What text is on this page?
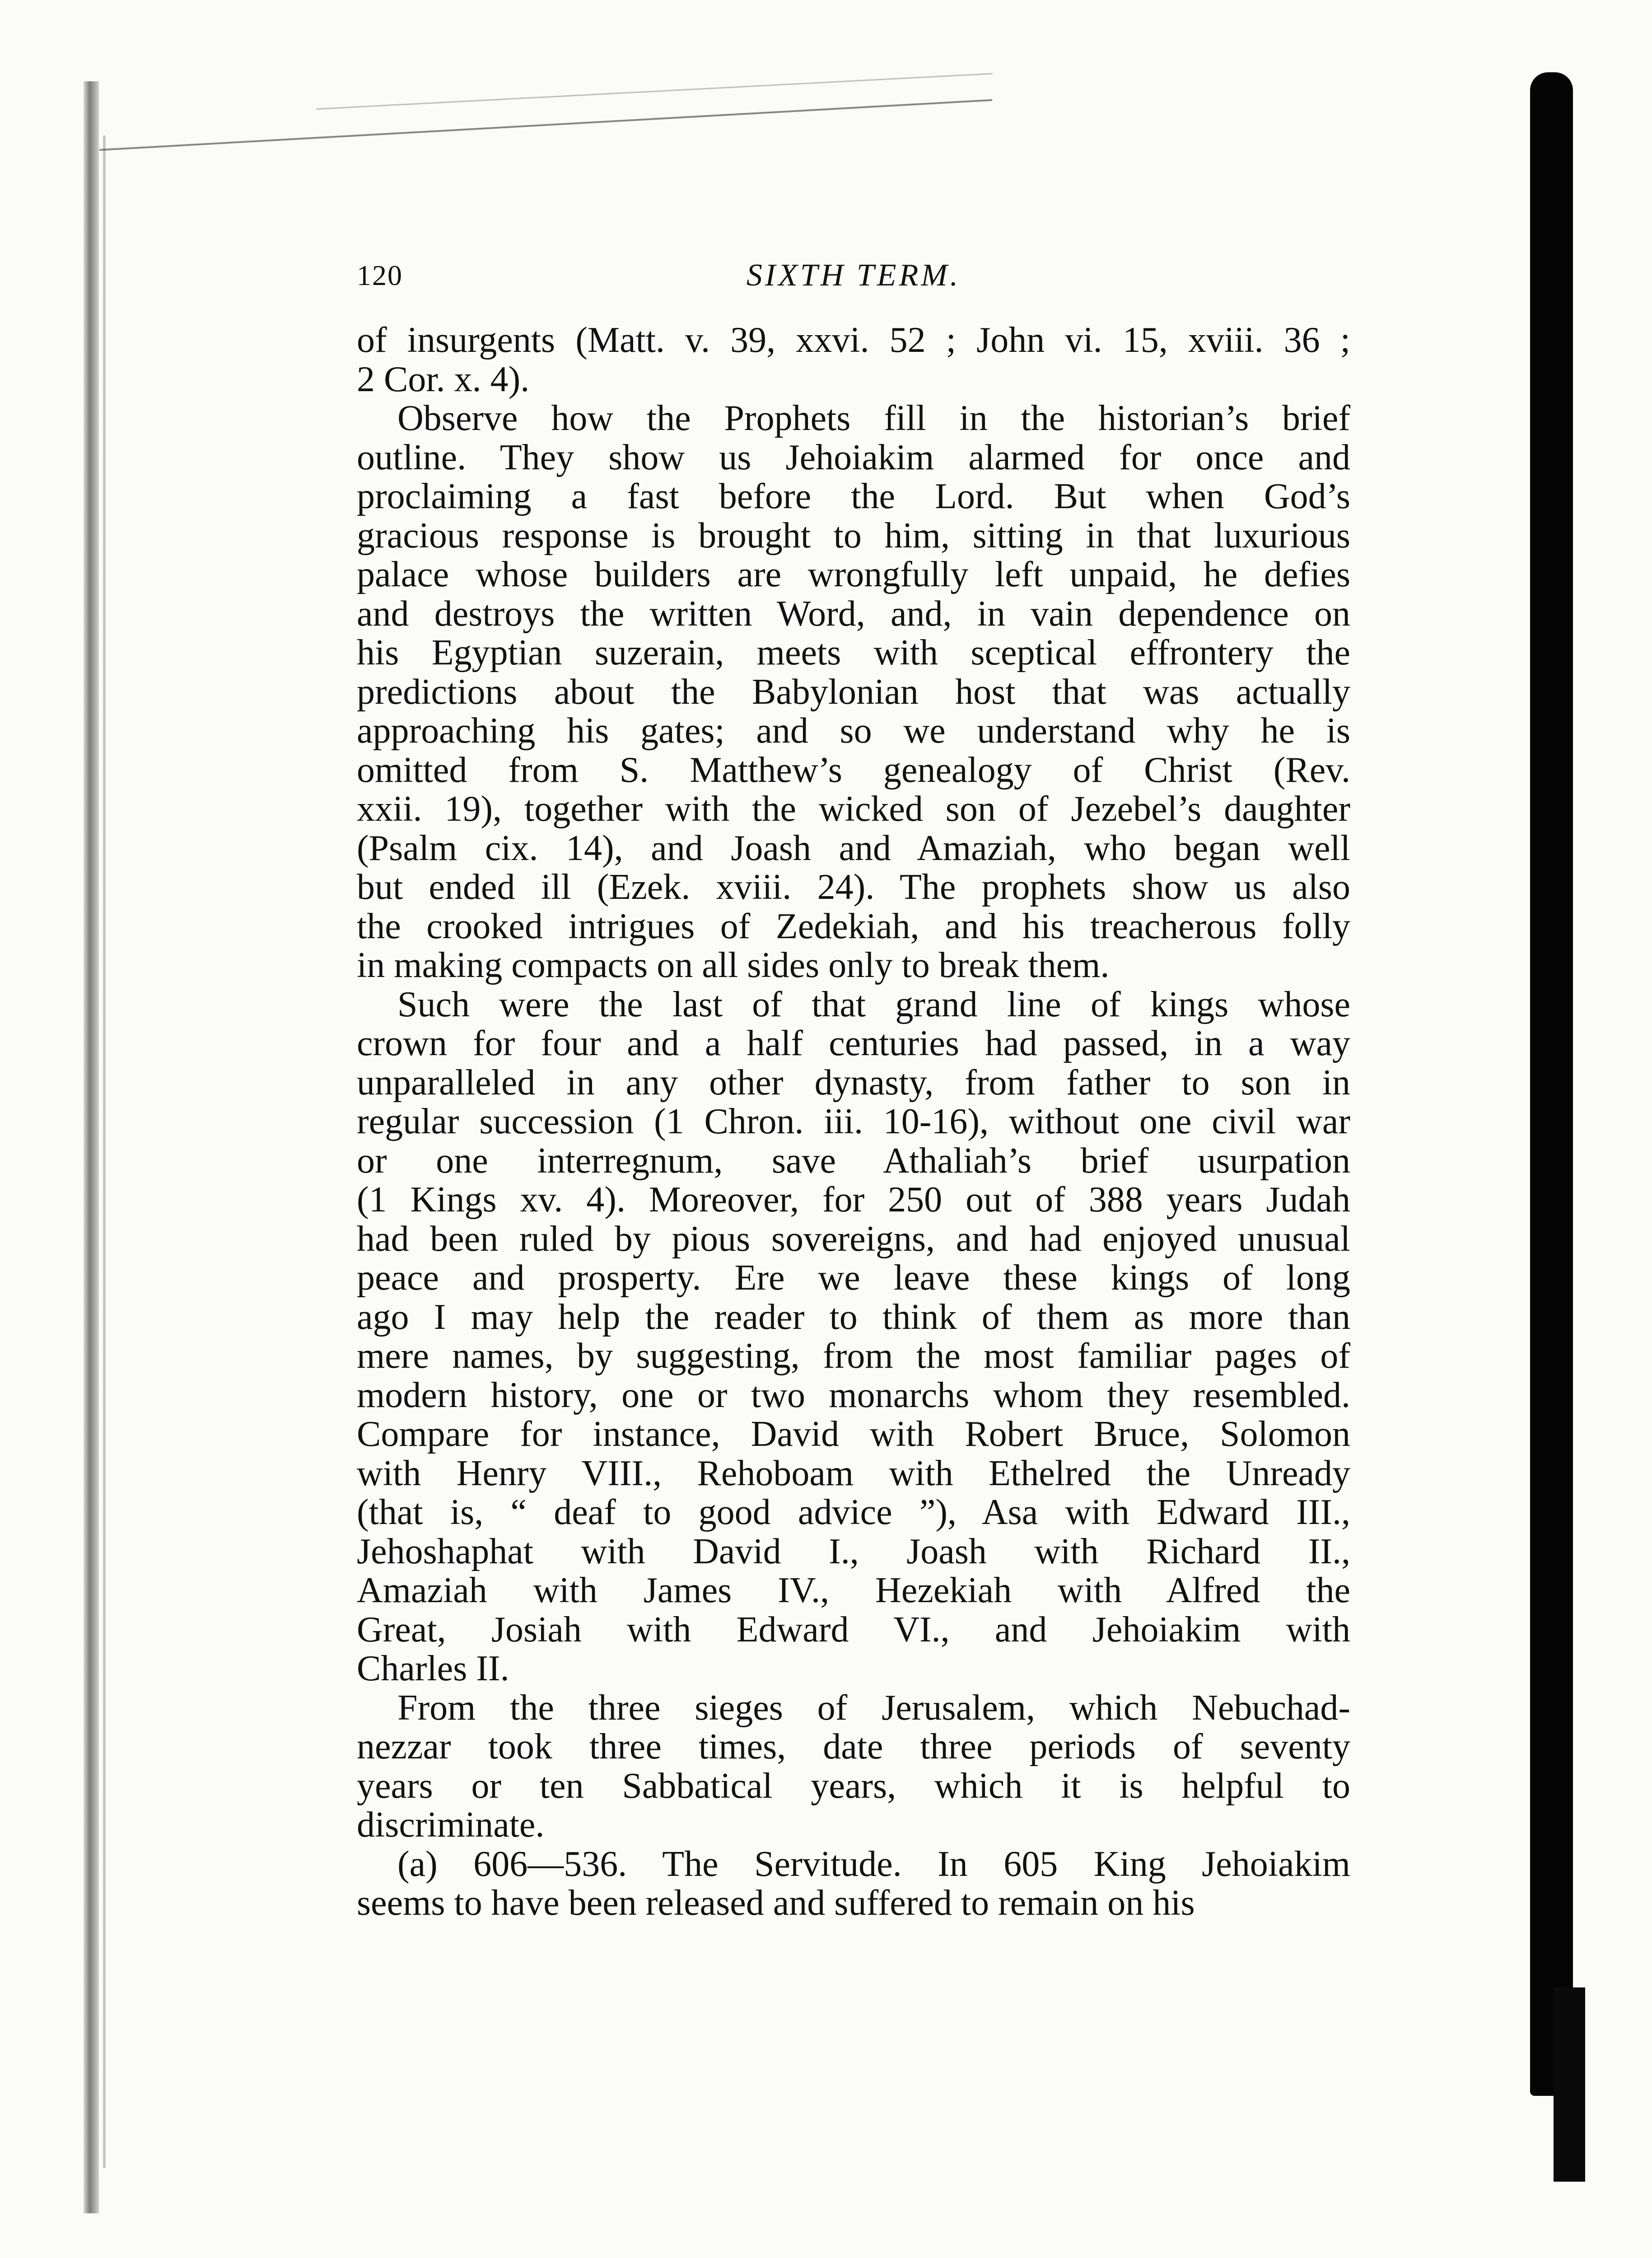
120	SIXTH TERM.
of insurgents (Matt. v. 39, xxvi. 52 ; John vi. 15, xviii. 36 ;
2 Cor. x. 4).
Observe how the Prophets fill in the historian’s brief
outline. They show us Jehoiakim alarmed for once and
proclaiming a fast before the Lord. But when God’s
gracious response is brought to him, sitting in that luxurious
palace whose builders are wrongfully left unpaid, he defies
and destroys the written Word, and, in vain dependence on
his Egyptian suzerain, meets with sceptical effrontery the
predictions about the Babylonian host that was actually
approaching his gates; and so we understand why he is
omitted from S. Matthew’s genealogy of Christ (Rev.
xxii. 19), together with the wicked son of Jezebel’s daughter
(Psalm cix. 14), and Joash and Amaziah, who began well
but ended ill (Ezek. xviii. 24). The prophets show us also
the crooked intrigues of Zedekiah, and his treacherous folly
in making compacts on all sides only to break them.
Such were the last of that grand line of kings whose
crown for four and a half centuries had passed, in a way
unparalleled in any other dynasty, from father to son in
regular succession (1 Chron. iii. 10-16), without one civil war
or one interregnum, save Athaliah’s brief usurpation
(1 Kings xv. 4). Moreover, for 250 out of 388 years Judah
had been ruled by pious sovereigns, and had enjoyed unusual
peace and prosperty. Ere we leave these kings of long
ago I may help the reader to think of them as more than
mere names, by suggesting, from the most familiar pages of
modern history, one or two monarchs whom they resembled.
Compare for instance, David with Robert Bruce, Solomon
with Henry VIII., Rehoboam with Ethelred the Unready
(that is, “ deaf to good advice ”), Asa with Edward III.,
Jehoshaphat with David I., Joash with Richard II.,
Amaziah with James IV., Hezekiah with Alfred the
Great, Josiah with Edward VI., and Jehoiakim with
Charles II.
From the three sieges of Jerusalem, which Nebuchad-
nezzar took three times, date three periods of seventy
years or ten Sabbatical years, which it is helpful to
discriminate.
(a) 606—536. The Servitude. In 605 King Jehoiakim
seems to have been released and suffered to remain on his
